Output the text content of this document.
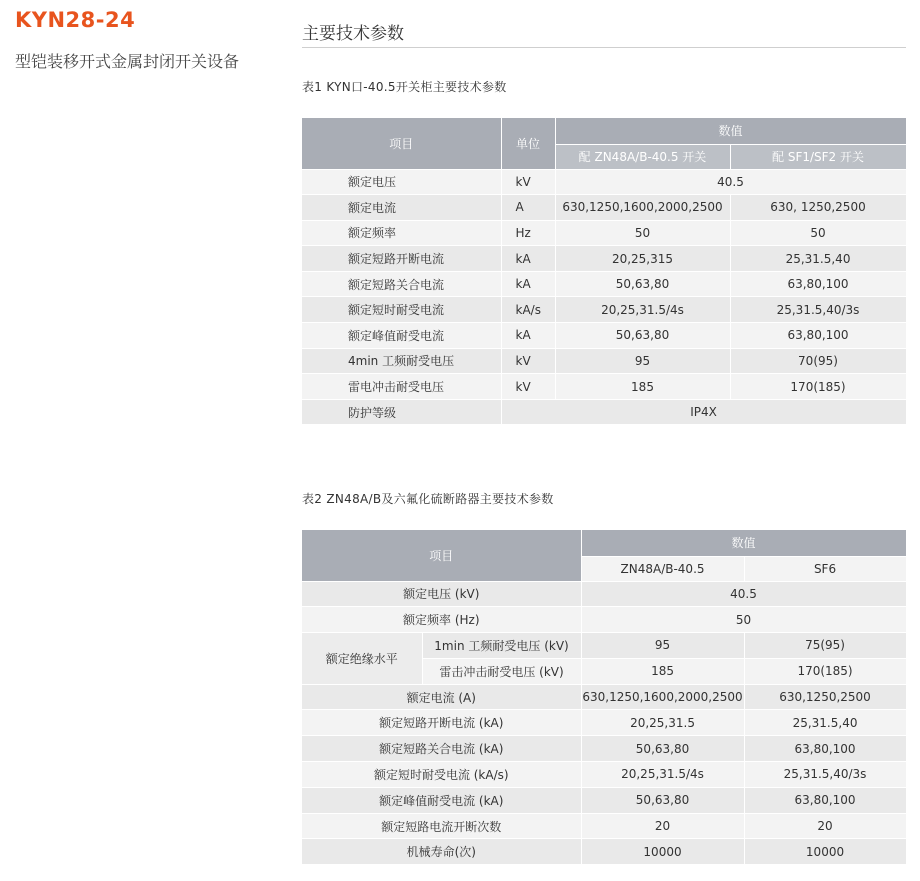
KYN28-24
型铠装移开式金属封闭开关设备
主要技术参数
表1 KYN口-40.5开关柜主要技术参数
项目	单位	数值	
		配 ZN48A/B-40.5 开关	配 SF1/SF2 开关
额定电压	kV	40.5	
额定电流	A	630,1250,1600,2000,2500	630, 1250,2500
额定频率	Hz	50	50
额定短路开断电流	kA	20,25,315	25,31.5,40
额定短路关合电流	kA	50,63,80	63,80,100
额定短时耐受电流	kA/s	20,25,31.5/4s	25,31.5,40/3s
额定峰值耐受电流	kA	50,63,80	63,80,100
4min 工频耐受电压	kV	95	70(95)
雷电冲击耐受电压	kV	185	170(185)
防护等级	IP4X		
表2 ZN48A/B及六氟化硫断路器主要技术参数
项目		数值	
		ZN48A/B-40.5	SF6
额定电压 (kV)		40.5	
额定频率 (Hz)		50	
额定绝缘水平	1min 工频耐受电压 (kV)	95	75(95)
	雷击冲击耐受电压 (kV)	185	170(185)
额定电流 (A)		630,1250,1600,2000,2500	630,1250,2500
额定短路开断电流 (kA)		20,25,31.5	25,31.5,40
额定短路关合电流 (kA)		50,63,80	63,80,100
额定短时耐受电流 (kA/s)		20,25,31.5/4s	25,31.5,40/3s
额定峰值耐受电流 (kA)		50,63,80	63,80,100
额定短路电流开断次数		20	20
机械寿命(次)		10000	10000
